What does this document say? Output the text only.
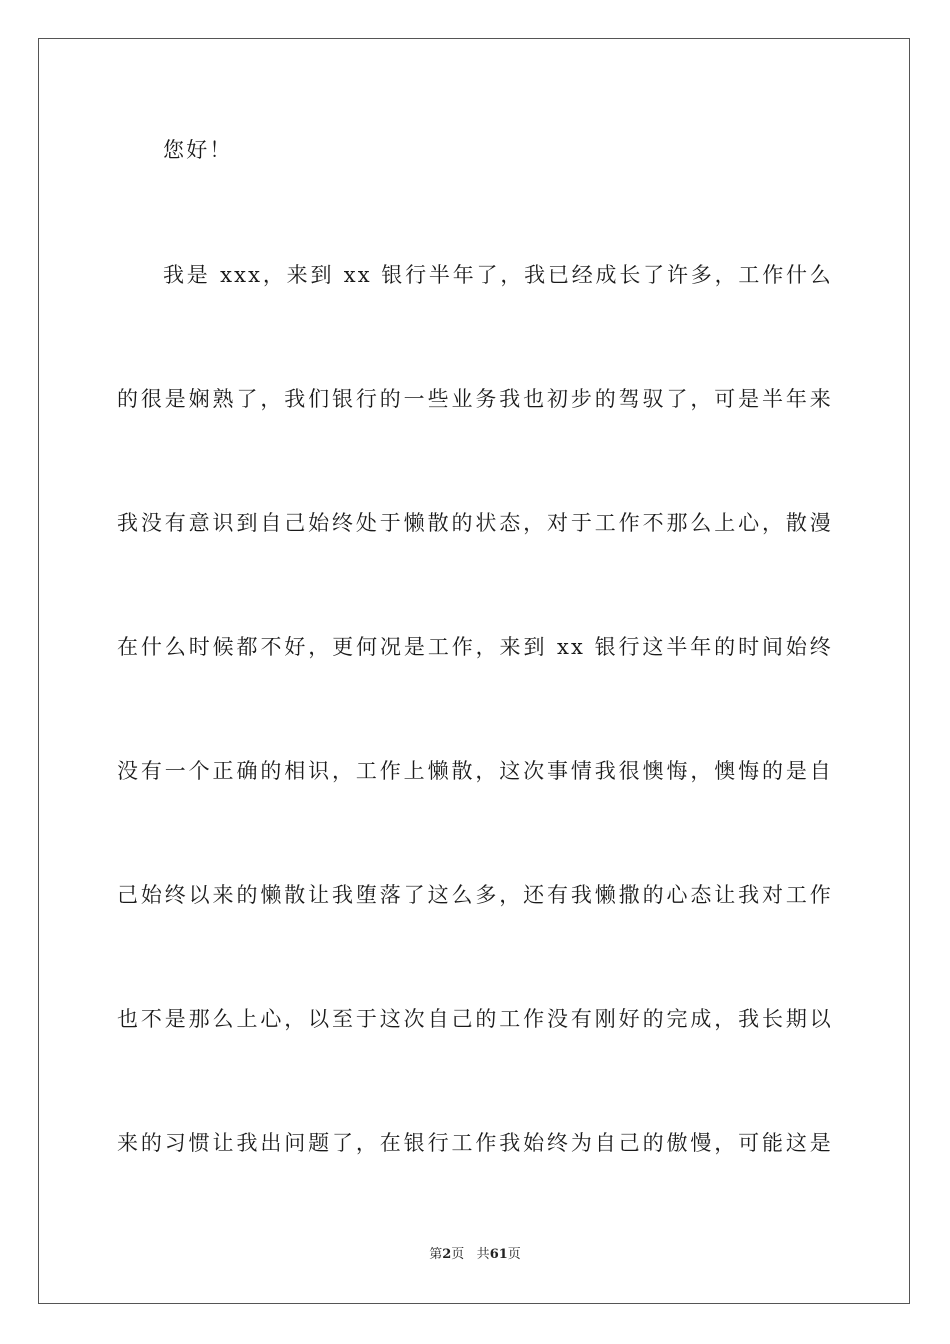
您好！
我是 xxx，来到 xx 银行半年了，我已经成长了许多，工作什么
的很是娴熟了，我们银行的一些业务我也初步的驾驭了，可是半年来
我没有意识到自己始终处于懒散的状态，对于工作不那么上心，散漫
在什么时候都不好，更何况是工作，来到 xx 银行这半年的时间始终
没有一个正确的相识，工作上懒散，这次事情我很懊悔，懊悔的是自
己始终以来的懒散让我堕落了这么多，还有我懒撒的心态让我对工作
也不是那么上心，以至于这次自己的工作没有刚好的完成，我长期以
来的习惯让我出问题了，在银行工作我始终为自己的傲慢，可能这是
第2页 共61页
